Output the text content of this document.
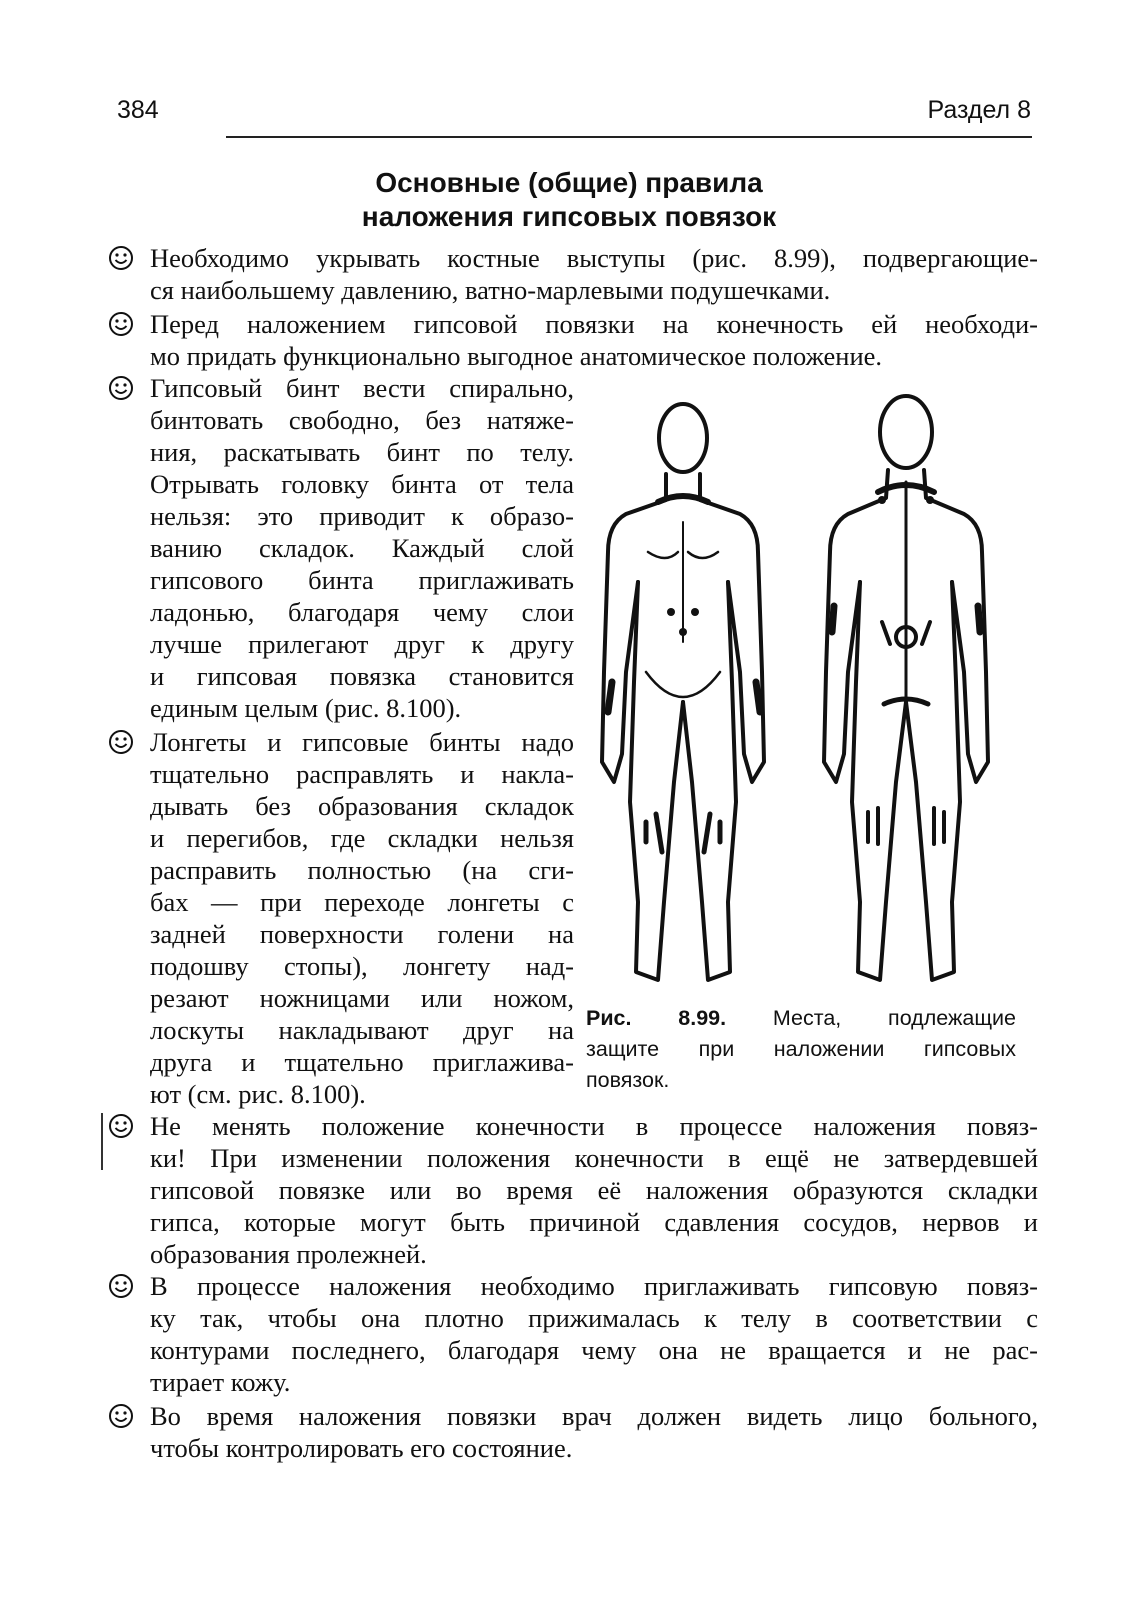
384	Раздел 8
Основные (общие) правила
наложения гипсовых повязок
Необходимо укрывать костные выступы (рис. 8.99), подвергающие-
ся наибольшему давлению, ватно-марлевыми подушечками.
Перед наложением гипсовой повязки на конечность ей необходи-
мо придать функционально выгодное анатомическое положение.
Гипсовый бинт вести спирально,
бинтовать свободно, без натяже-
ния, раскатывать бинт по телу.
Отрывать головку бинта от тела
нельзя: это приводит к образо-
ванию складок. Каждый слой
гипсового бинта приглаживать
ладонью, благодаря чему слои
лучше прилегают друг к другу
и гипсовая повязка становится
единым целым (рис. 8.100).
Лонгеты и гипсовые бинты надо
тщательно расправлять и накла-
дывать без образования складок
и перегибов, где складки нельзя
расправить полностью (на сги-
бах — при переходе лонгеты с
задней поверхности голени на
подошву стопы), лонгету над-
резают ножницами или ножом,
лоскуты накладывают друг на
друга и тщательно приглажива-
ют (см. рис. 8.100).
Рис. 8.99. Места, подлежащие
защите при наложении гипсовых
повязок.
Не менять положение конечности в процессе наложения повяз-
ки! При изменении положения конечности в ещё не затвердевшей
гипсовой повязке или во время её наложения образуются складки
гипса, которые могут быть причиной сдавления сосудов, нервов и
образования пролежней.
В процессе наложения необходимо приглаживать гипсовую повяз-
ку так, чтобы она плотно прижималась к телу в соответствии с
контурами последнего, благодаря чему она не вращается и не рас-
тирает кожу.
Во время наложения повязки врач должен видеть лицо больного,
чтобы контролировать его состояние.
